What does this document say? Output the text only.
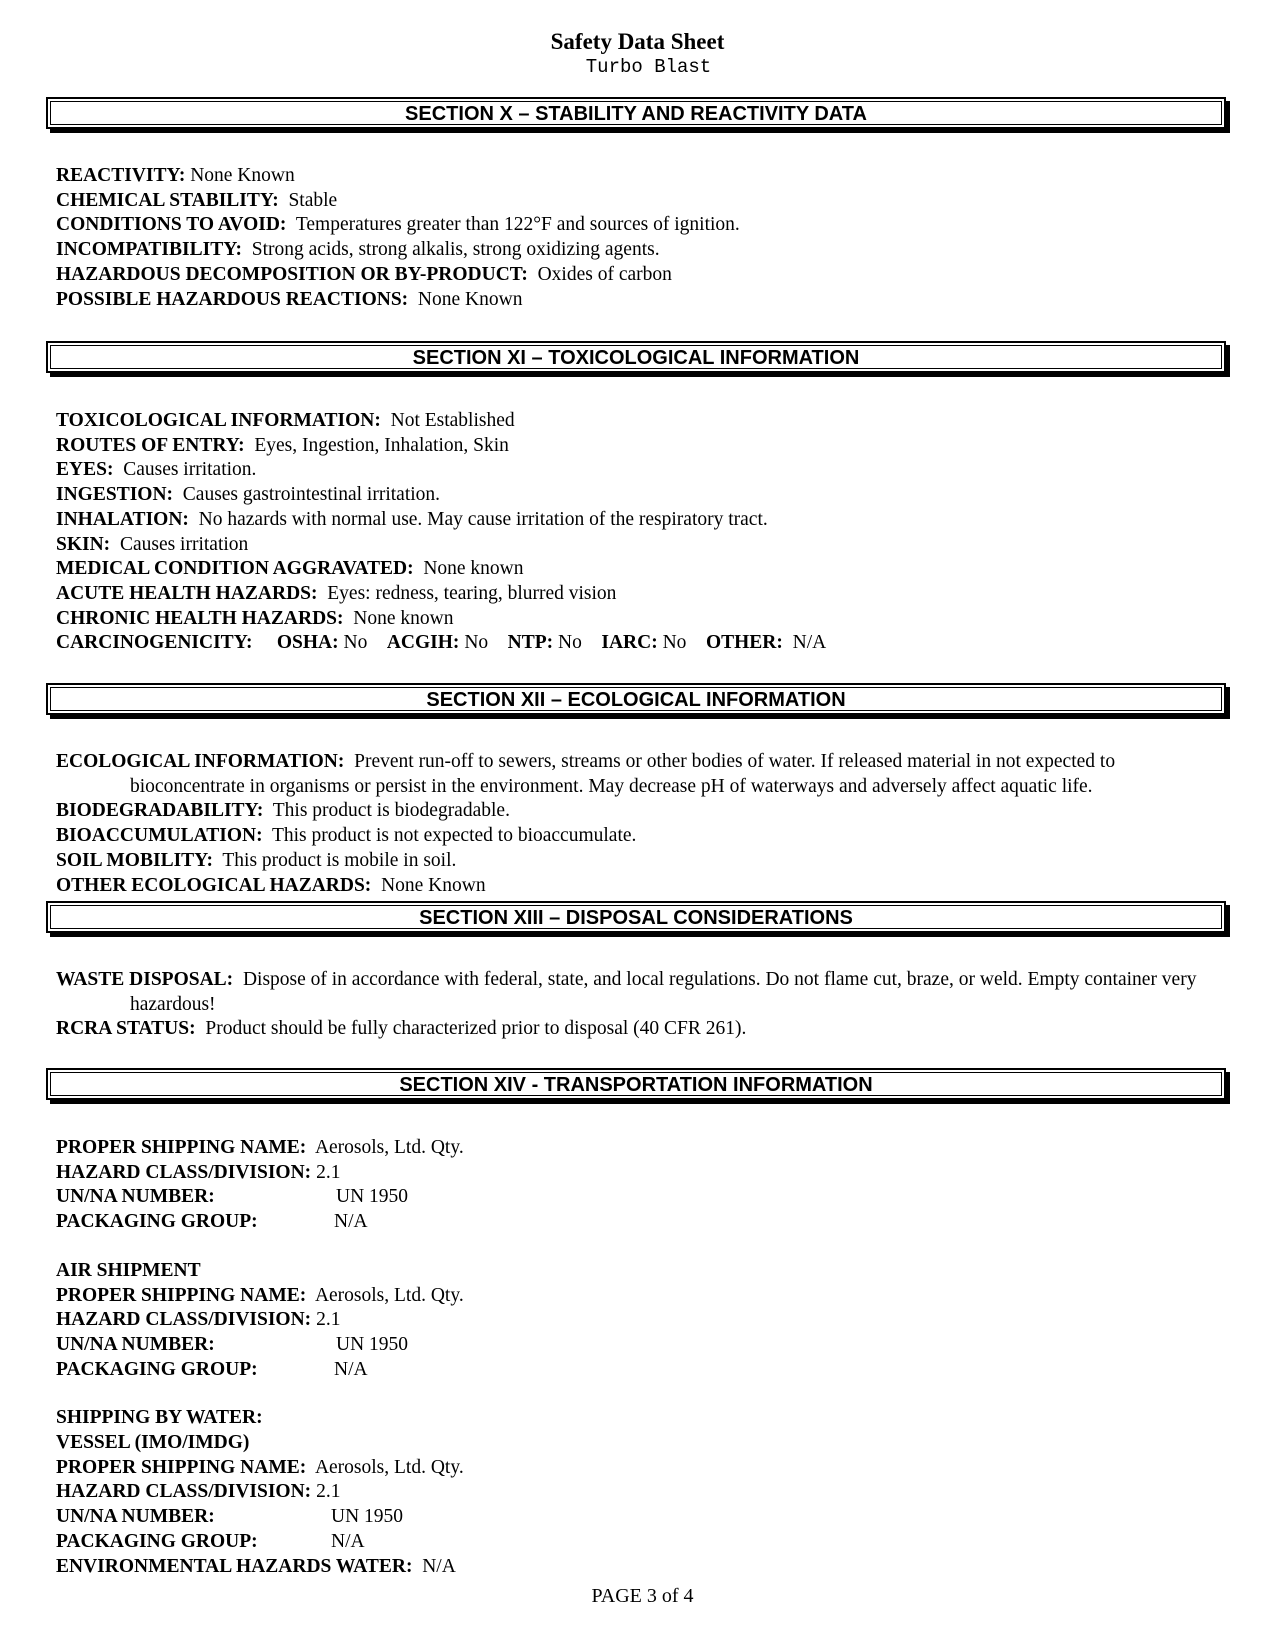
Safety Data Sheet
Turbo Blast
SECTION X – STABILITY AND REACTIVITY DATA
REACTIVITY: None Known
CHEMICAL STABILITY: Stable
CONDITIONS TO AVOID: Temperatures greater than 122°F and sources of ignition.
INCOMPATIBILITY: Strong acids, strong alkalis, strong oxidizing agents.
HAZARDOUS DECOMPOSITION OR BY-PRODUCT: Oxides of carbon
POSSIBLE HAZARDOUS REACTIONS: None Known
SECTION XI – TOXICOLOGICAL INFORMATION
TOXICOLOGICAL INFORMATION: Not Established
ROUTES OF ENTRY: Eyes, Ingestion, Inhalation, Skin
EYES: Causes irritation.
INGESTION: Causes gastrointestinal irritation.
INHALATION: No hazards with normal use. May cause irritation of the respiratory tract.
SKIN: Causes irritation
MEDICAL CONDITION AGGRAVATED: None known
ACUTE HEALTH HAZARDS: Eyes: redness, tearing, blurred vision
CHRONIC HEALTH HAZARDS: None known
CARCINOGENICITY: OSHA: No ACGIH: No NTP: No IARC: No OTHER: N/A
SECTION XII – ECOLOGICAL INFORMATION
ECOLOGICAL INFORMATION: Prevent run-off to sewers, streams or other bodies of water. If released material in not expected to bioconcentrate in organisms or persist in the environment. May decrease pH of waterways and adversely affect aquatic life.
BIODEGRADABILITY: This product is biodegradable.
BIOACCUMULATION: This product is not expected to bioaccumulate.
SOIL MOBILITY: This product is mobile in soil.
OTHER ECOLOGICAL HAZARDS: None Known
SECTION XIII – DISPOSAL CONSIDERATIONS
WASTE DISPOSAL: Dispose of in accordance with federal, state, and local regulations. Do not flame cut, braze, or weld. Empty container very hazardous!
RCRA STATUS: Product should be fully characterized prior to disposal (40 CFR 261).
SECTION XIV - TRANSPORTATION INFORMATION
PROPER SHIPPING NAME: Aerosols, Ltd. Qty.
HAZARD CLASS/DIVISION: 2.1
UN/NA NUMBER:	UN 1950
PACKAGING GROUP:	N/A
AIR SHIPMENT
PROPER SHIPPING NAME: Aerosols, Ltd. Qty.
HAZARD CLASS/DIVISION: 2.1
UN/NA NUMBER:	UN 1950
PACKAGING GROUP:	N/A
SHIPPING BY WATER:
VESSEL (IMO/IMDG)
PROPER SHIPPING NAME: Aerosols, Ltd. Qty.
HAZARD CLASS/DIVISION: 2.1
UN/NA NUMBER:	UN 1950
PACKAGING GROUP:	N/A
ENVIRONMENTAL HAZARDS WATER: N/A
PAGE 3 of 4
